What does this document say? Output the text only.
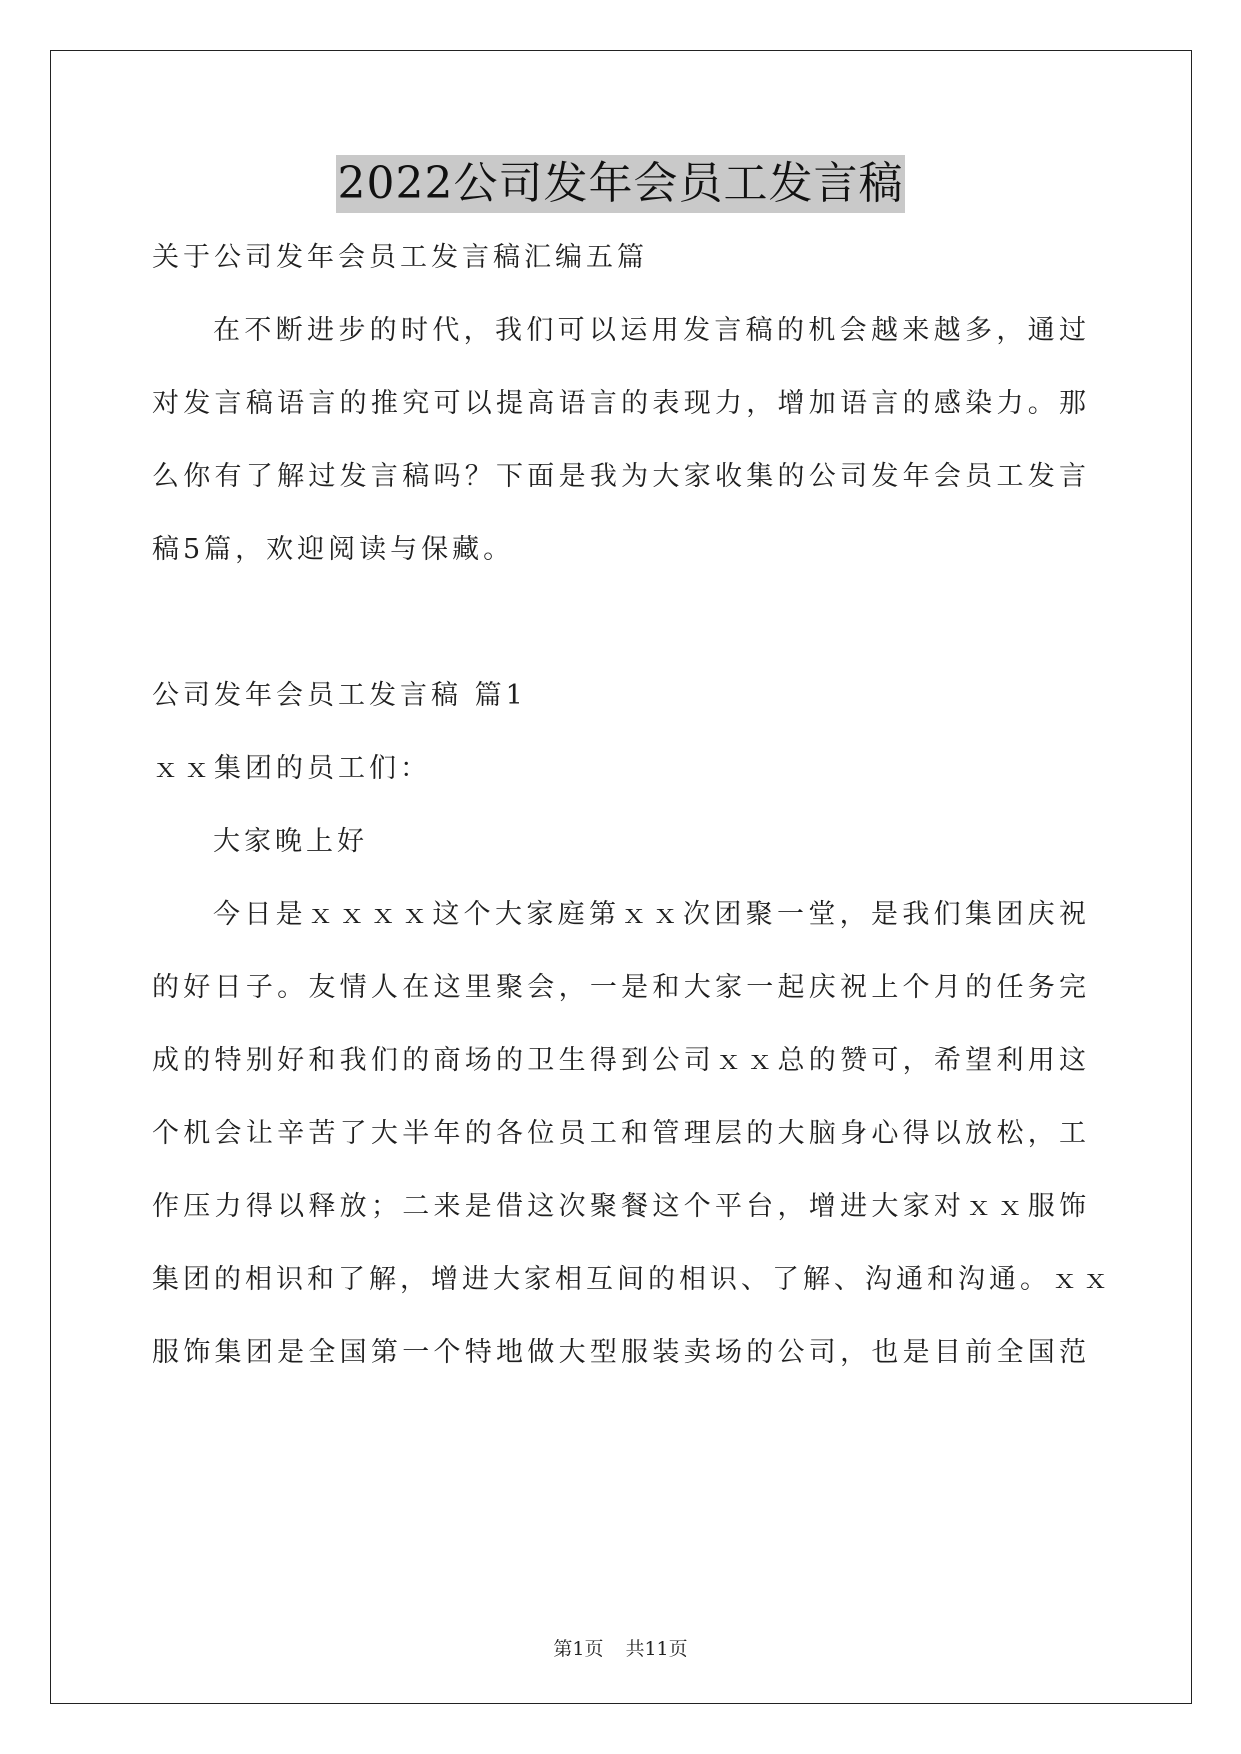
2022公司发年会员工发言稿
关于公司发年会员工发言稿汇编五篇
在不断进步的时代，我们可以运用发言稿的机会越来越多，通过
对发言稿语言的推究可以提高语言的表现力，增加语言的感染力。那
么你有了解过发言稿吗？下面是我为大家收集的公司发年会员工发言
稿5篇，欢迎阅读与保藏。
公司发年会员工发言稿 篇1
ｘｘ集团的员工们：
大家晚上好
今日是ｘｘｘｘ这个大家庭第ｘｘ次团聚一堂，是我们集团庆祝
的好日子。友情人在这里聚会，一是和大家一起庆祝上个月的任务完
成的特别好和我们的商场的卫生得到公司ｘｘ总的赞可，希望利用这
个机会让辛苦了大半年的各位员工和管理层的大脑身心得以放松，工
作压力得以释放；二来是借这次聚餐这个平台，增进大家对ｘｘ服饰
集团的相识和了解，增进大家相互间的相识、了解、沟通和沟通。ｘｘ
服饰集团是全国第一个特地做大型服装卖场的公司，也是目前全国范
第1页 共11页
